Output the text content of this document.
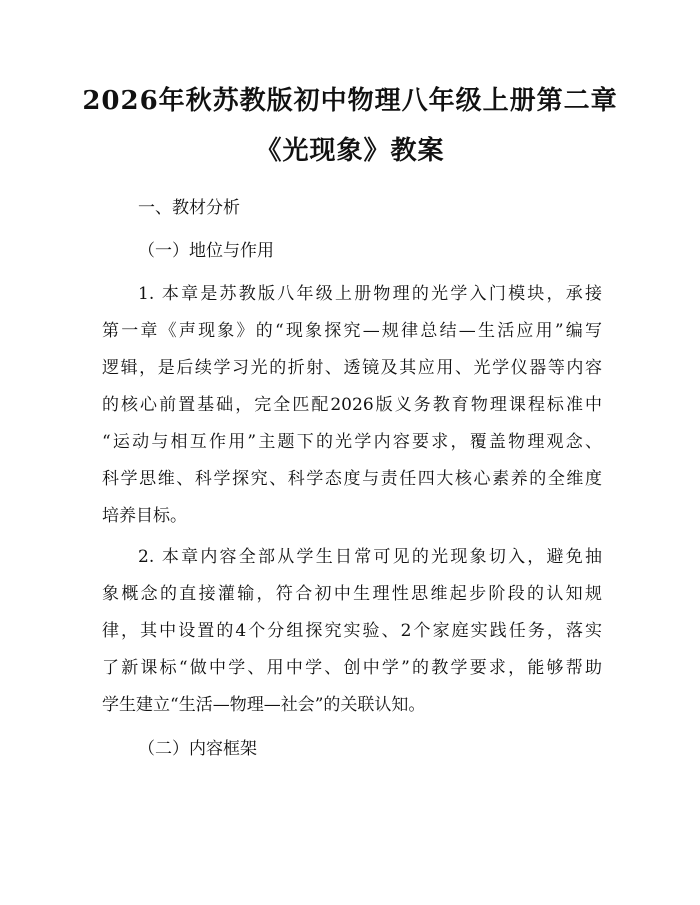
2026年秋苏教版初中物理八年级上册第二章
《光现象》教案
一、教材分析
（一）地位与作用
1. 本章是苏教版八年级上册物理的光学入门模块，承接
第一章《声现象》的“现象探究—规律总结—生活应用”编写
逻辑，是后续学习光的折射、透镜及其应用、光学仪器等内容
的核心前置基础，完全匹配2026版义务教育物理课程标准中
“运动与相互作用”主题下的光学内容要求，覆盖物理观念、
科学思维、科学探究、科学态度与责任四大核心素养的全维度
培养目标。
2. 本章内容全部从学生日常可见的光现象切入，避免抽
象概念的直接灌输，符合初中生理性思维起步阶段的认知规
律，其中设置的4个分组探究实验、2个家庭实践任务，落实
了新课标“做中学、用中学、创中学”的教学要求，能够帮助
学生建立“生活—物理—社会”的关联认知。
（二）内容框架
